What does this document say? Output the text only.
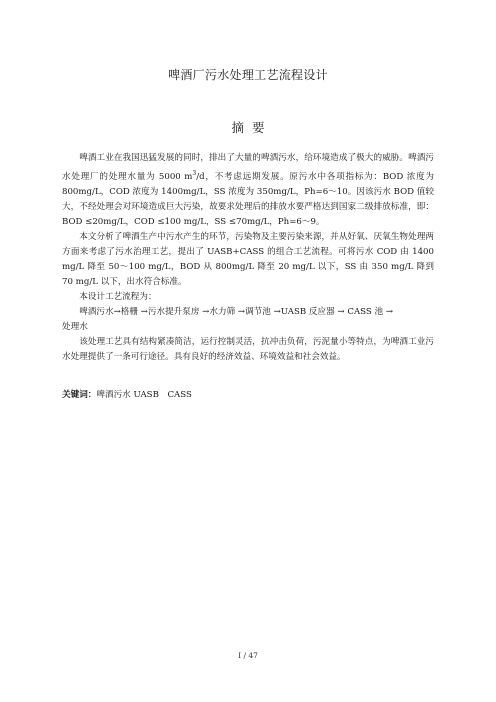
啤酒厂污水处理工艺流程设计
摘要

啤酒工业在我国迅猛发展的同时，排出了大量的啤酒污水，给环境造成了极大的威胁。啤酒污水处理厂的处理水量为 5000 $m^3/d$，不考虑远期发展。原污水中各项指标为：BOD 浓度为 800mg/L，COD 浓度为 1400mg/L，SS 浓度为 350mg/L，Ph=6～10。因该污水 BOD 值较大，不经处理会对环境造成巨大污染，故要求处理后的排放水要严格达到国家二级排放标准，即：BOD ≤20mg/L，COD ≤100 mg/L，SS ≤70mg/L，Ph=6～9。

本文分析了啤酒生产中污水产生的环节，污染物及主要污染来源，并从好氧、厌氧生物处理两方面来考虑了污水治理工艺，提出了 UASB+CASS 的组合工艺流程。可将污水 COD 由 1400 mg/L 降至 50～100 mg/L，BOD 从 800mg/L 降至 20 mg/L 以下，SS 由 350 mg/L 降到 70 mg/L 以下，出水符合标准。

本设计工艺流程为：

啤酒污水→格栅 →污水提升泵房 →水力筛 →调节池 →UASB 反应器 → CASS 池 →

处理水

该处理工艺具有结构紧凑简洁，运行控制灵活，抗冲击负荷，污泥量小等特点，为啤酒工业污水处理提供了一条可行途径。具有良好的经济效益、环境效益和社会效益。

关键词：啤酒污水 UASB　CASS
I / 47
